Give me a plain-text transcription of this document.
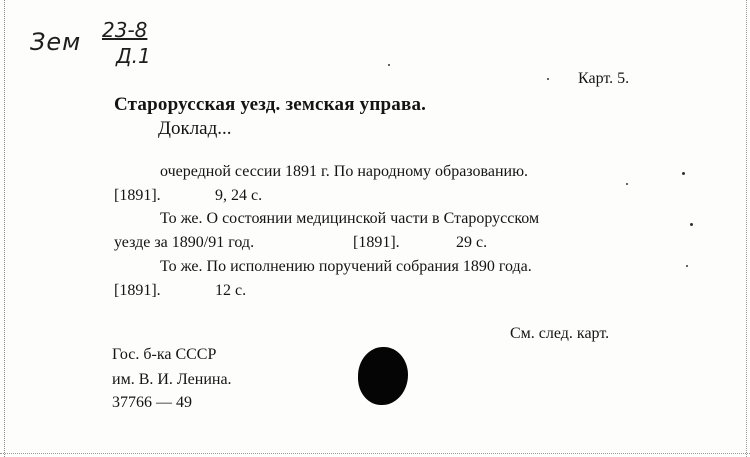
Зем 23-8
Д.1
Карт. 5.
Старорусская уезд. земская управа.
Доклад...
очередной сессии 1891 г. По народному образованию.
[1891].	9, 24 с.
То же. О состоянии медицинской части в Старорусском
уезде за 1890/91 год.	[1891].	29 с.
То же. По исполнению поручений собрания 1890 года.
[1891].	12 с.
См. след. карт.
Гос. б-ка СССР
им. В. И. Ленина.
37766 — 49
